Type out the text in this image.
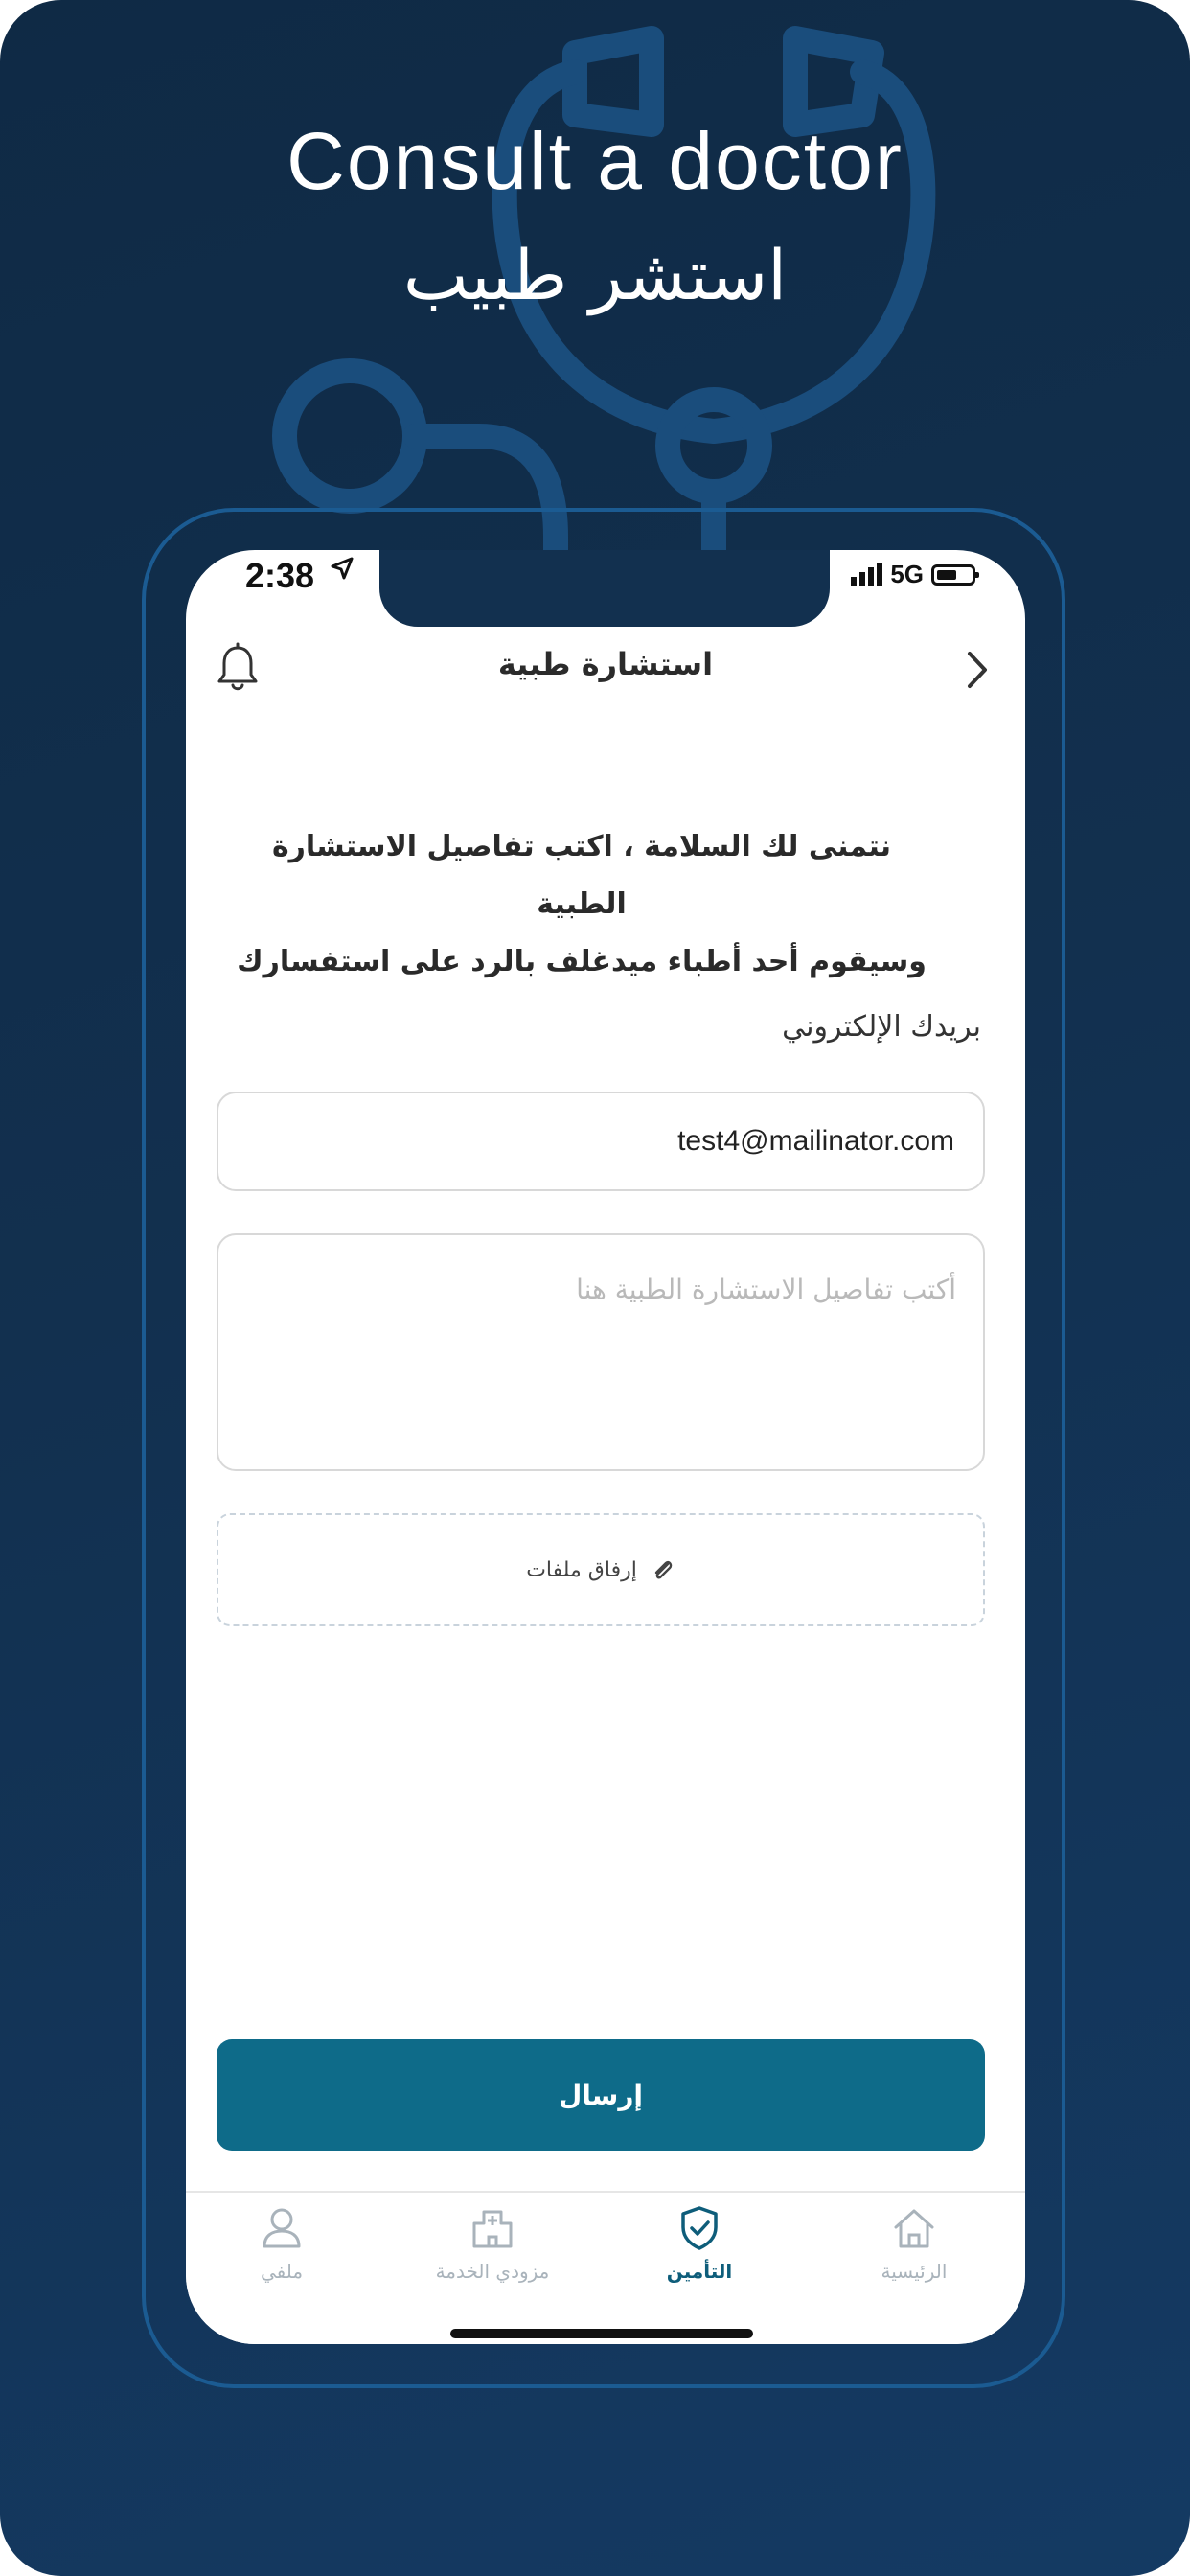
Consult a doctor
استشر طبيب
2:38	5G
استشارة طبية
نتمنى لك السلامة ، اكتب تفاصيل الاستشارة الطبية
وسيقوم أحد أطباء ميدغلف بالرد على استفسارك
بريدك الإلكتروني
test4@mailinator.com
أكتب تفاصيل الاستشارة الطبية هنا
إرفاق ملفات
إرسال
ملفي	مزودي الخدمة	التأمين	الرئيسية
